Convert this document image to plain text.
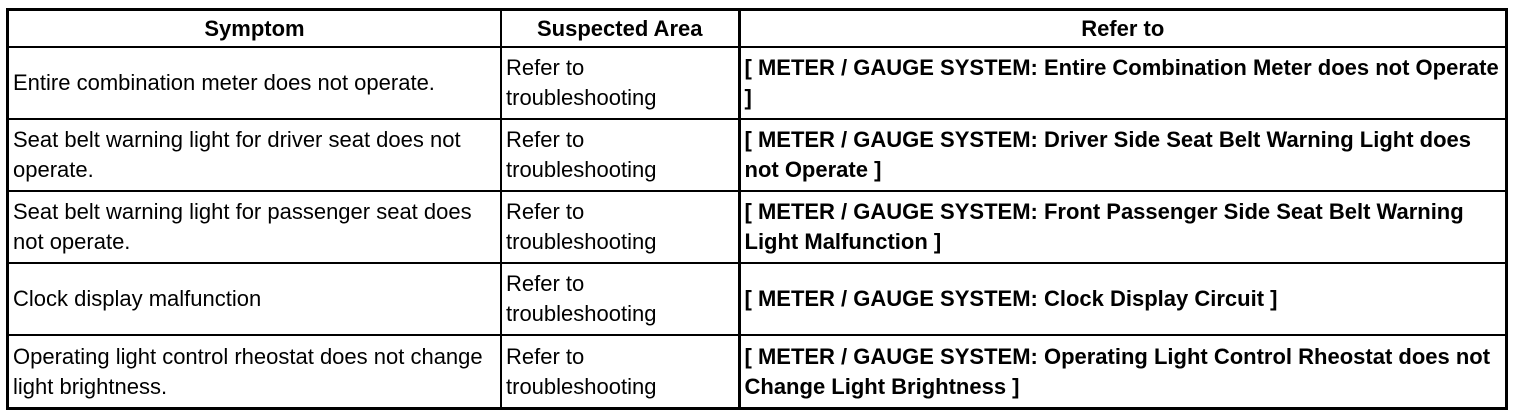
Symptom	Suspected Area	Refer to
Entire combination meter does not operate.	Refer to troubleshooting	[ METER / GAUGE SYSTEM: Entire Combination Meter does not Operate ]
Seat belt warning light for driver seat does not operate.	Refer to troubleshooting	[ METER / GAUGE SYSTEM: Driver Side Seat Belt Warning Light does not Operate ]
Seat belt warning light for passenger seat does not operate.	Refer to troubleshooting	[ METER / GAUGE SYSTEM: Front Passenger Side Seat Belt Warning Light Malfunction ]
Clock display malfunction	Refer to troubleshooting	[ METER / GAUGE SYSTEM: Clock Display Circuit ]
Operating light control rheostat does not change light brightness.	Refer to troubleshooting	[ METER / GAUGE SYSTEM: Operating Light Control Rheostat does not Change Light Brightness ]
